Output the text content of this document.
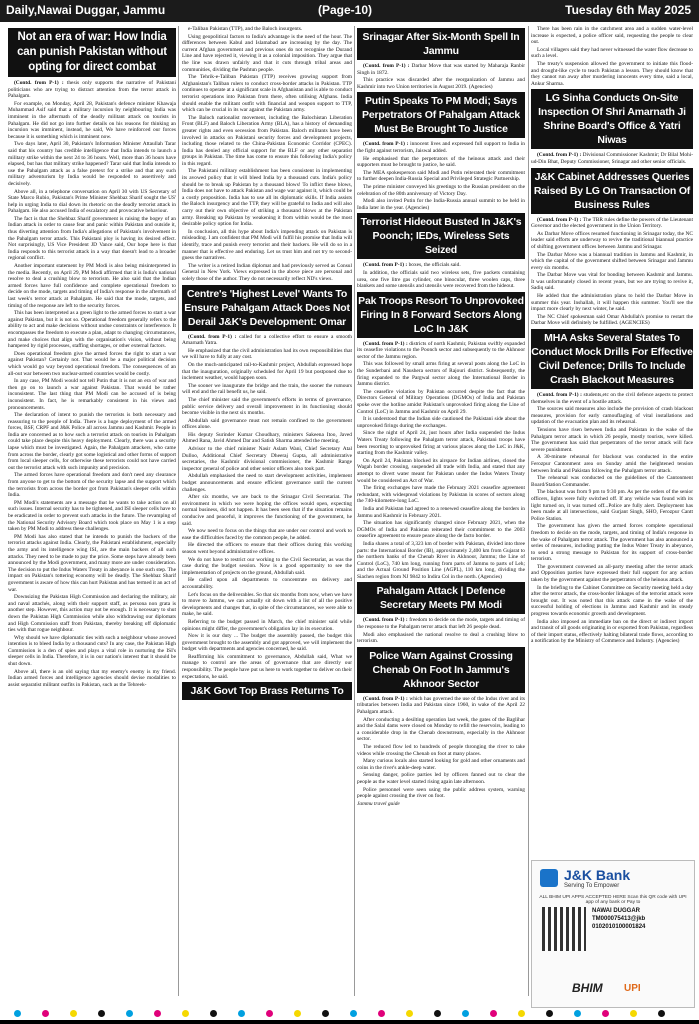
Daily,Nawai Duggar, Jammu	(Page-10)	Tuesday 6th May 2025
Not an era of war: How India can punish Pakistan without opting for direct combat

(Contd. from P-1) : thesis only supports the narrative of Pakistani politicians who are trying to distract attention from the terror attack in Pahalgam.

For example, on Monday, April 28, Pakistan's defence minister Khawaja Muhammad Asif said that a military incursion by neighbouring India was imminent in the aftermath of the deadly militant attack on tourists in Pahalgam. He did not go into further details on his reasons for thinking an incursion was imminent, instead, he said, We have reinforced our forces because it is something which is imminent now.

Two days later, April 30, Pakistan's Information Minister Attaullah Tarar said that his country has credible intelligence that India intends to launch a military strike within the next 24 to 36 hours. Well, more than 36 hours have elapsed, but has that military strike happened? Tarar said that India intends to use the Pahalgam attack as a false pretext for a strike and that any such military adventurism by India would be responded to assertively and decisively.

Above all, in a telephone conversation on April 30 with US Secretary of State Marco Rubio, Pakistan's Prime Minister Shehbaz Sharif sought the US' help in urging India to dial down its rhetoric on the deadly terrorist attack in Pahalgam. He also accused India of escalatory and provocative behaviour.

The fact is that the Shehbaz Sharif government is raising the bogey of an Indian attack in order to cause fear and panic within Pakistan and outside it, thus diverting attention from India's allegations of Pakistan's involvement in the Pahalgam terror attack. This Pakistani ploy is having its desired effect. Not surprisingly, US Vice President JD Vance said, Our hope here is that India responds to this terrorist attack in a way that doesn't lead to a broader regional conflict.

Another important statement by PM Modi is also being misinterpreted in the media. Recently, on April 29, PM Modi affirmed that it is India's national resolve to deal a crushing blow to terrorism. He also said that the Indian armed forces have full confidence and complete operational freedom to decide on the mode, targets and timing of India's response in the aftermath of last week's terror attack at Pahalgam. He said that the mode, targets, and timing of the response are left to the security forces.

This has been interpreted as a green light to the armed forces to start a war against Pakistan, but it is not so. Operational freedom generally refers to the ability to act and make decisions without undue constraints or interference. It encompasses the freedom to execute a plan, adapt to changing circumstances, and make choices that align with the organisation's vision, without being hampered by rigid processes, staffing shortages, or other external factors.

Does operational freedom give the armed forces the right to start a war against Pakistan? Certainly not. That would be a major political decision which would go way beyond operational freedom. The consequences of an all-out war between two nuclear-armed countries would be costly.

In any case, PM Modi would not tell Putin that it is not an era of war and then go on to launch a war against Pakistan. That would be rather inconsistent. The last thing that PM Modi can be accused of is being inconsistent. In fact, he is remarkably consistent in his views and pronouncements.

The declaration of intent to punish the terrorists is both necessary and reassuring to the people of India. There is a huge deployment of the armed forces, BSF, CRPF and J&K Police all across Jammu and Kashmir. People in India are concerned as to how such a terrorist attack on tourists in Pahalgam could take place despite this heavy deployment. Clearly, there was a security lapse which must be investigated. Again, the Pahalgam attackers, who came from across the border, clearly got some logistical and other forms of support from local sleeper cells, for otherwise these terrorists could not have carried out the terrorist attack with such impunity and precision.

The armed forces have operational freedom and don't need any clearance from anyone to get to the bottom of the security lapse and the support which the terrorists from across the border got from Pakistan's sleeper cells within India.

PM Modi's statements are a message that he wants to take action on all such issues. Internal security has to be tightened, and ISI sleeper cells have to be eradicated in order to prevent such attacks in the future. The revamping of the National Security Advisory Board which took place on May 1 is a step taken by PM Modi to address these challenges.

PM Modi has also stated that he intends to punish the backers of the terrorist attacks against India. Clearly, the Pakistani establishment, especially the army and its intelligence wing ISI, are the main backers of all such attacks. They need to be made to pay the price. Some steps have already been announced by the Modi government, and many more are under consideration. The decision to put the Indus Waters Treaty in abeyance is one such step. The impact on Pakistan's tottering economy will be deadly. The Shehbaz Sharif government is aware of how this can hurt Pakistan and has termed it an act of war.

Downsizing the Pakistan High Commission and declaring the military, air and naval attachés, along with their support staff, as persona non grata is another step. However, this action may not be enough. It is necessary to shut down the Pakistan High Commission while also withdrawing our diplomats and High Commission staff from Pakistan, thereby breaking off diplomatic ties with that rogue neighbour.

Why should we have diplomatic ties with such a neighbour whose avowed intention is to bleed India by a thousand cuts? In any case, the Pakistan High Commission is a den of spies and plays a vital role in nurturing the ISI's sleeper cells in India. Therefore, it is in our nation's interest that it should be shut down.

Above all, there is an old saying that my enemy's enemy is my friend. Indian armed forces and intelligence agencies should devise modalities to assist separatist militant outfits in Pakistan, such as the Tehreek-

e-Taliban Pakistan (TTP), and the Baloch insurgents.

Using geopolitical factors to India's advantage is the need of the hour. The differences between Kabul and Islamabad are increasing by the day. The current Afghan government and previous ones do not recognise the Durand Line and have rejected it, viewing it as a colonial imposition. They argue that the line was drawn unfairly and that it cuts through tribal areas and communities, dividing the Pashtun people.

The Tehrik-e-Taliban Pakistan (TTP) receives growing support from Afghanistan's Taliban rulers to conduct cross-border attacks in Pakistan. TTP continues to operate at a significant scale in Afghanistan and is able to conduct terrorist operations into Pakistan from there, often utilising Afghans. India should enable the militant outfit with financial and weapon support to TTP, which can be crucial in its war against the Pakistan army.

The Baloch nationalist movement, including the Balochistan Liberation Front (BLF) and Baloch Liberation Army (BLA), has a history of demanding greater rights and even secession from Pakistan. Baloch militants have been involved in attacks on Pakistani security forces and development projects, including those related to the China-Pakistan Economic Corridor (CPEC). India has denied any official support for the BLF or any other separatist groups in Pakistan. The time has come to ensure this following India's policy in this regard.

The Pakistani military establishment has been consistent in implementing its avowed policy that it will bleed India by a thousand cuts. India's policy should be to break up Pakistan by a thousand blows! To inflict these blows, India does not have to attack Pakistan and wage war against it, which could be a costly proposition. India has to use all its diplomatic skills. If India assists the Baloch insurgency and the TTP, they will be grateful to India and will also carry out their own objective of striking a thousand blows at the Pakistan army. Breaking up Pakistan by weakening it from within would be the most desirable policy option for India.

In conclusion, all this hype about India's impending attack on Pakistan is misleading. I am confident that PM Modi will fulfil his promise that India will identify, trace and punish every terrorist and their backers. He will do so in a manner that is effective and enduring. Let us trust him and not try to second-guess the narratives.

The writer is a retired Indian diplomat and had previously served as Consul General in New York. Views expressed in the above piece are personal and solely those of the author. They do not necessarily reflect ND's views.

Centre's 'Highest Level' Wants To Ensure Pahalgam Attack Does Not Derail J&K's Development: Omar

(Contd. from P-1) : called for a collective effort to ensure a smooth Amarnath Yatra.

He emphasized that the civil administration had its own responsibilities that we will have to fully at any cost.

On the much-anticipated rail-to-Kashmir project, Abdullah expressed hope that the inauguration, originally scheduled for April 19 but postponed due to inclement weather, would happen soon.

The sooner we inaugurate the bridge and the train, the sooner the rumours will end and the rail benefit us, he said.

The chief minister said the government's efforts in terms of governance, public service delivery and overall improvement in its functioning should become visible in the next six months.

Abdullah said governance must not remain confined to the government offices alone.

His deputy Surinder Kumar Choudhary, ministers Sakeena Itoo, Javed Ahmed Rana, Javid Ahmed Dar and Satish Sharma attended the meeting.

Advisor to the chief minister Nasir Aslam Wani, Chief Secretary Atal Dulloo, Additional Chief Secretary Dheeraj Gupta, all administrative secretaries, the Kashmir divisional commissioner, the Kashmir Range inspector general of police and other senior officers also took part.

Abdullah emphasised the need to start development activities, implement budget announcements and ensure efficient governance until the current challenges.

After six months, we are back to the Srinagar Civil Secretariat. The environment in which we were hoping the offices would open, expecting normal business, did not happen. It has been seen that if the situation remains conducive and peaceful, it improves the functioning of the government, he said.

We now need to focus on the things that are under our control and work to ease the difficulties faced by the common people, he added.

He directed the officers to ensure that their offices during this working season went beyond administrative offices.

We do not have to restrict our working to the Civil Secretariat, as was the case during the budget session. Now is a good opportunity to see the implementation of projects on the ground, Abdullah said.

He called upon all departments to concentrate on delivery and accountability.

Let's focus on the deliverables. So that six months from now, when we have to move to Jammu, we can actually sit down with a list of all the positive developments and changes that, in spite of the circumstances, we were able to make, he said.

Referring to the budget passed in March, the chief minister said while opinions might differ, the government's obligation lay in its execution.

Now it is our duty ... The budget the assembly passed, the budget this government brought to the assembly and got approved, we will implement the budget with departments and agencies concerned, he said.

Reaffirming his commitment to governance, Abdullah said, What we manage to control are the areas of governance that are directly our responsibility. The people have put us here to work together to deliver on their expectations, he said.

J&K Govt Top Brass Returns To
Srinagar After Six-Month Spell In Jammu

(Contd. from P-1) : Darbar Move that was started by Maharaja Ranbir Singh in 1872.

This practice was discarded after the reorganization of Jammu and Kashmir into two Union territories in August 2019. (Agencies)

Putin Speaks To PM Modi; Says Perpetrators Of Pahalgam Attack Must Be Brought To Justice

(Contd. from P-1) : innocent lives and expressed full support to India in the fight against terrorism, Jaiswal added.

He emphasised that the perpetrators of the heinous attack and their supporters must be brought to justice, he said.

The MEA spokesperson said Modi and Putin reiterated their commitment to further deepen India-Russia Special and Privileged Strategic Partnership.

The prime minister conveyed his greetings to the Russian president on the celebration of the 80th anniversary of Victory Day.

Modi also invited Putin for the India-Russia annual summit to be held in India later in the year. (Agencies)

Terrorist Hideout Busted In J&K's Poonch; IEDs, Wireless Sets Seized

(Contd. from P-1) : boxes, the officials said.

In addition, the officials said two wireless sets, five packets containing urea, one five litre gas cylinder, one binocular, three woolen caps, three blankets and some utensils and utensils were recovered from the hideout.

Pak Troops Resort To Unprovoked Firing In 8 Forward Sectors Along LoC In J&K

(Contd. from P-1) : districts of north Kashmir, Pakistan swiftly expanded its ceasefire violations to the Poonch sector and subsequently to the Akhnoor sector of the Jammu region.

This was followed by small arms firing at several posts along the LoC in the Sunderbani and Naushera sectors of Rajouri district. Subsequently, the firing expanded to the Pargwal sector along the International Border in Jammu district.

The ceasefire violation by Pakistan occurred despite the fact that the Directors General of Military Operations (DGMOs) of India and Pakistan spoke over the hotline amidst Pakistan's unprovoked firing along the Line of Control (LoC) in Jammu and Kashmir on April 29.

It is understood that the Indian side cautioned the Pakistani side about the unprovoked firings during the exchanges.

Since the night of April 24, just hours after India suspended the Indus Waters Treaty following the Pahalgam terror attack, Pakistani troops have been resorting to unprovoked firing at various places along the LoC in J&K, starting from the Kashmir valley.

On April 24, Pakistan blocked its airspace for Indian airlines, closed the Wagah border crossing, suspended all trade with India, and stated that any attempt to divert water meant for Pakistan under the Indus Waters Treaty would be considered an Act of War.

The firing exchanges have made the February 2021 ceasefire agreement redundant, with widespread violations by Pakistan in scores of sectors along the 740-kilometre-long LoC.

India and Pakistan had agreed to a renewed ceasefire along the borders in Jammu and Kashmir in February 2021.

The situation has significantly changed since February 2021, when the DGMOs of India and Pakistan reiterated their commitment to the 2003 ceasefire agreement to ensure peace along the de facto border.

India shares a total of 3,323 km of border with Pakistan, divided into three parts: the International Border (IB), approximately 2,400 km from Gujarat to the northern banks of the Chenab River in Akhnoor, Jammu; the Line of Control (LoC), 740 km long, running from parts of Jammu to parts of Leh; and the Actual Ground Position Line (AGPL), 110 km long, dividing the Siachen region from NJ 9842 to Indira Col in the north. (Agencies)

Pahalgam Attack | Defence Secretary Meets PM Modi

(Contd. from P-1) : freedom to decide on the mode, targets and timing of the response to the Pahalgam terror attack that left 26 people dead.

Modi also emphasised the national resolve to deal a crushing blow to terrorism.

Police Warn Against Crossing Chenab On Foot In Jammu's Akhnoor Sector

(Contd. from P-1) : which has governed the use of the Indus river and its tributaries between India and Pakistan since 1960, in wake of the April 22 Pahalgam attack.

After conducting a desilting operation last week, the gates of the Baglihar and the Salal dams were closed on Monday to refill the reservoirs, leading to a considerable drop in the Chenab downstream, especially in the Akhnoor sector.

The reduced flow led to hundreds of people thronging the river to take videos while crossing the Chenab on foot at many places.

Many curious locals also started looking for gold and other ornaments and coins in the river's ankle-deep water.

Sensing danger, police parties led by officers fanned out to clear the people as the water level started rising again late afternoon.

Police personnel were seen using the public address system, warning people against crossing the river on foot.

Jammu travel guide

There has been rain in the catchment area and a sudden water-level increase is expected, a police officer said, requesting the people to clear out.

Local villagers said they had never witnessed the water flow decrease to such a level.

The treaty's suspension allowed the government to initiate this flood- and drought-like cycle to teach Pakistan a lesson. They should know that they cannot run away after murdering innocents every time, said a local, Ankur Sharma.

LG Sinha Conducts On-Site Inspection Of Shri Amarnath Ji Shrine Board's Office & Yatri Niwas

(Contd. from P-1) : Divisional Commissioner Kashmir; Dr Bilal Mohi-ud-Din Bhat, Deputy Commissioner, Srinagar and other senior officials.

J&K Cabinet Addresses Queries Raised By LG On Transaction Of Business Rules

(Contd. from P-1) : The TBR rules define the powers of the Lieutenant Governor and the elected government in the Union Territory.

As Darbar Move offices resumed functioning in Srinagar today, the NC leader said efforts are underway to revive the traditional biannual practice of shifting government offices between Jammu and Srinagar.

The Darbar Move was a biannual tradition in Jammu and Kashmir, in which the capital of the government shifted between Srinagar and Jammu every six months.

The Darbar Move was vital for bonding between Kashmir and Jammu. It was unfortunately closed in recent years, but we are trying to revive it, Sadiq said.

He added that the administration plans to hold the Darbar Move in summer this year. Inshallah, it will happen this summer. You'll see the impact more clearly by next winter, he said.

The NC Chief spokesman said Omar Abdullah's promise to restart the Darbar Move will definitely be fulfilled. (AGENCIES)

MHA Asks Several States To Conduct Mock Drills For Effective Civil Defence; Drills To Include Crash Blackout Measures

(Contd. from P-1) : students,etc on the civil defence aspects to protect themselves in the event of a hostile attack.

The sources said measures also include the provision of crash blackout measures, provision for early camouflaging of vital installations and updation of the evacuation plan and its rehearsal.

Tensions have risen between India and Pakistan in the wake of the Pahalgam terror attack in which 26 people, mostly tourists, were killed. The government has said that perpetrators of the terror attack will face severe punishment.

A 30-minute rehearsal for blackout was conducted in the entire Ferozpur Cantonment area on Sunday amid the heightened tension between India and Pakistan following the Pahalgam terror attack.

The rehearsal was conducted on the guidelines of the Cantonment Board/Station Commander.

The blackout was from 9 pm to 9:30 pm. As per the orders of the senior officers, lights were fully switched off. If any vehicle was found with its light turned on, it was turned off...Police are fully alert. Deployment has been made at all intersections, said Gurjant Singh, SHO, Ferozpur Cantt Police Station.

The government has given the armed forces complete operational freedom to decide on the mode, targets, and timing of India's response in the wake of Pahalgam terror attack. The government has also announced a series of measures, including putting the Indus Water Treaty in abeyance, to send a strong message to Pakistan for its support of cross-border terrorism.

The government convened an all-party meeting after the terror attack and Opposition parties have expressed their full support for any action taken by the government against the perpetrators of the heinous attack.

In the briefing to the Cabinet Committee on Security meeting held a day after the terror attack, the cross-border linkages of the terrorist attack were brought out. It was noted that this attack came in the wake of the successful holding of elections in Jammu and Kashmir and its steady progress towards economic growth and development.

India also imposed an immediate ban on the direct or indirect import and transit of all goods originating in or exported from Pakistan, regardless of their import status, effectively halting bilateral trade flows, according to a notification by the Ministry of Commerce and Industry. (Agencies)

J&K Bank
Serving To Empower
ALL BHIM UPI APPS ACCEPTED HERE Scan this QR code with UPI app of any bank or Pay to
NAWAI DUGGAR
TM000075413@jkb
0102010100001824
BHIM UPI
